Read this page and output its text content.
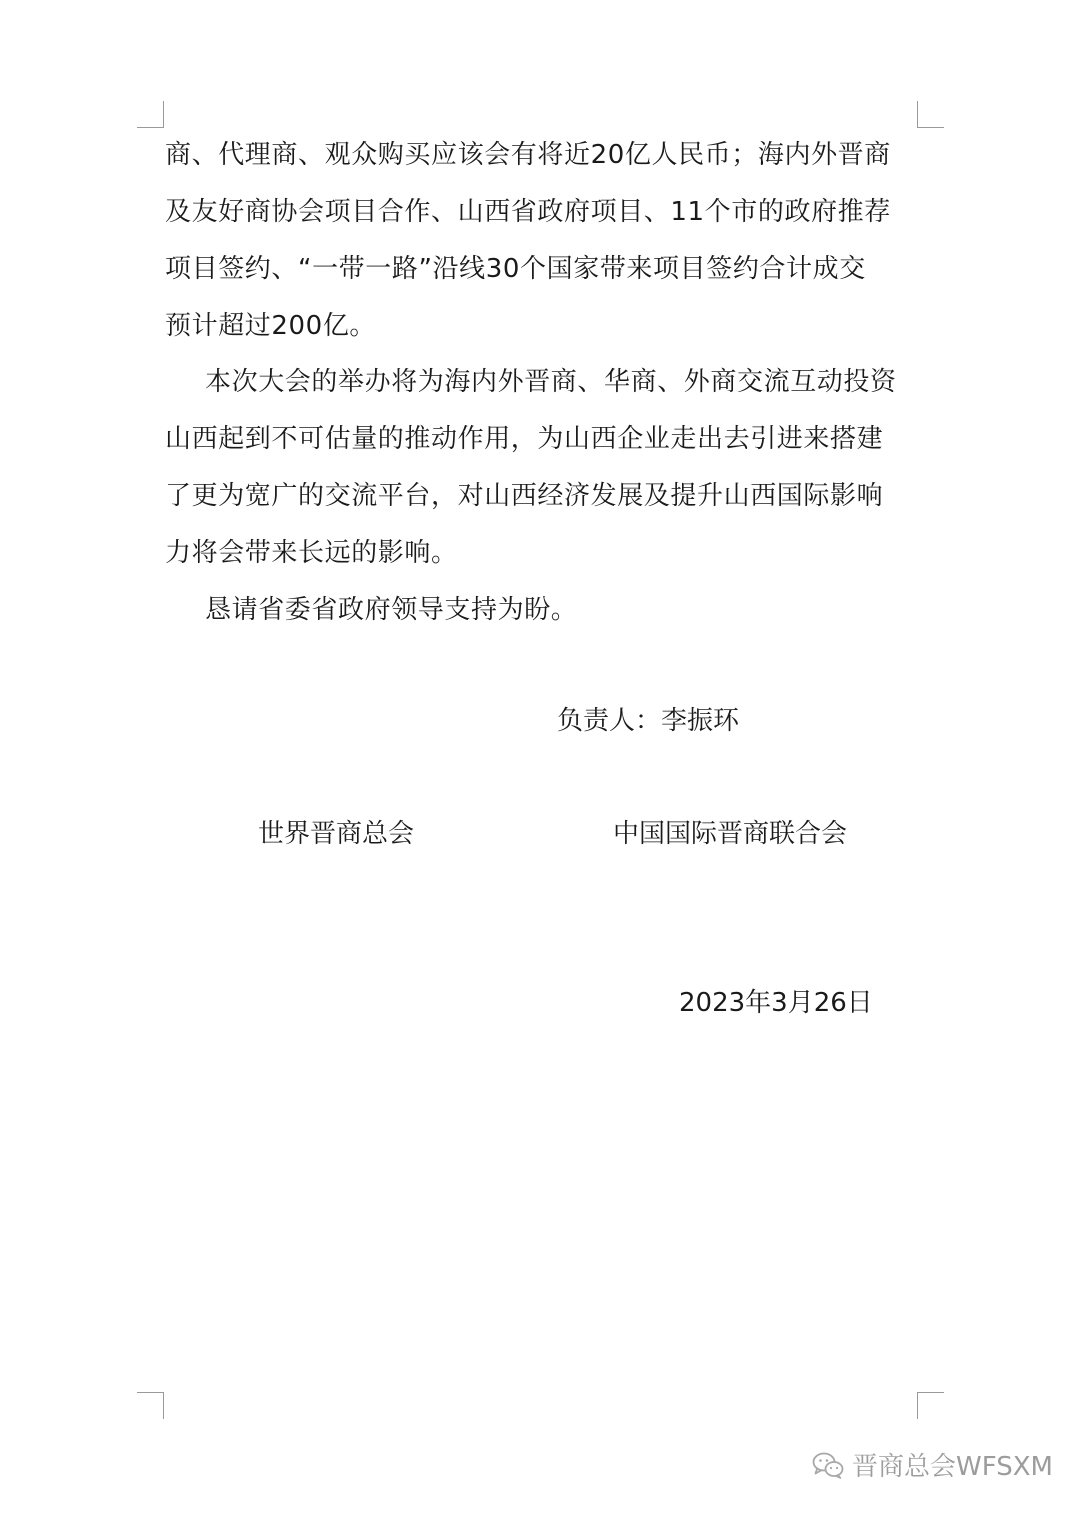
商、代理商、观众购买应该会有将近20亿人民币；海内外晋商
及友好商协会项目合作、山西省政府项目、11个市的政府推荐
项目签约、“一带一路”沿线30个国家带来项目签约合计成交
预计超过200亿。
本次大会的举办将为海内外晋商、华商、外商交流互动投资
山西起到不可估量的推动作用，为山西企业走出去引进来搭建
了更为宽广的交流平台，对山西经济发展及提升山西国际影响
力将会带来长远的影响。
恳请省委省政府领导支持为盼。
负责人：李振环
世界晋商总会	中国国际晋商联合会
2023年3月26日
晋商总会WFSXM
